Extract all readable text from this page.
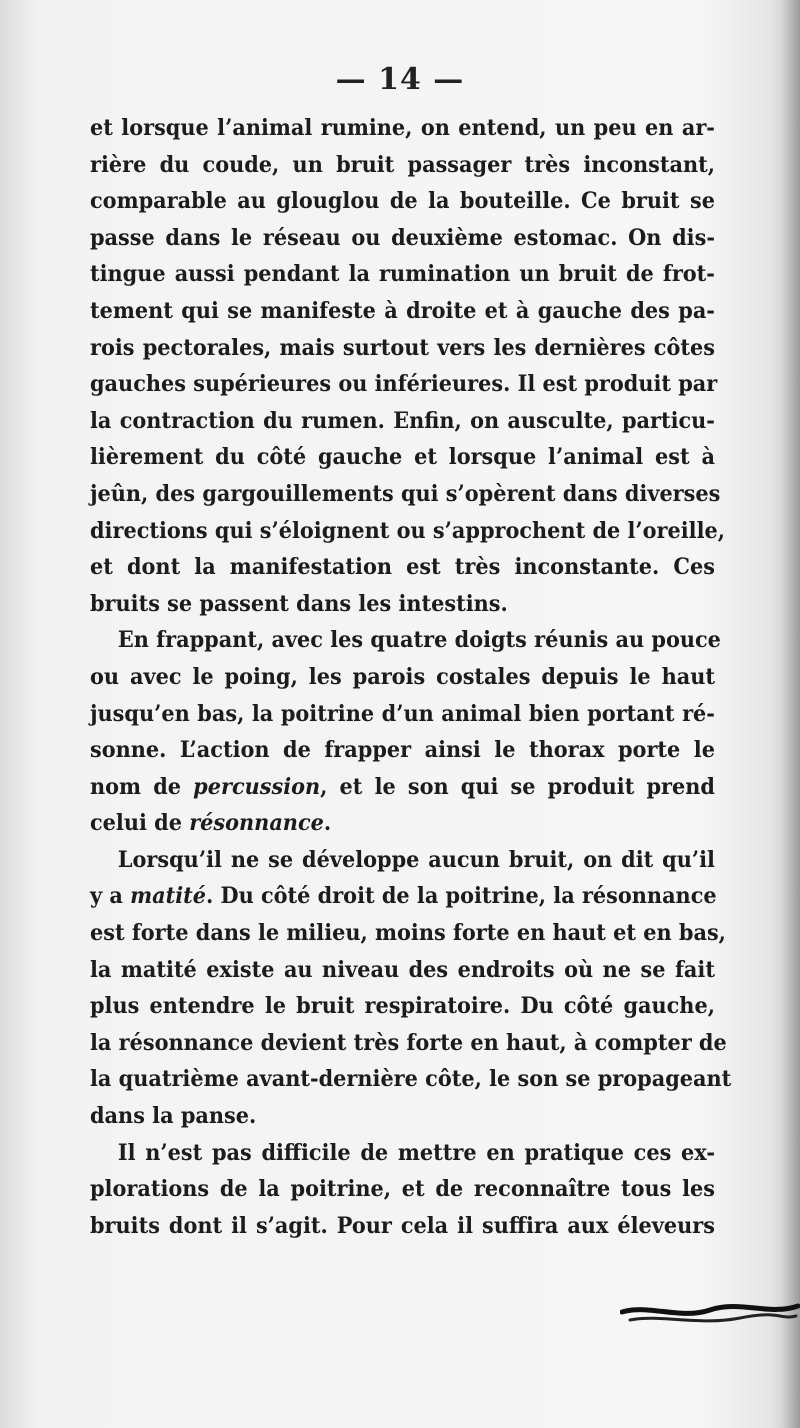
— 14 —
et lorsque l’animal rumine, on entend, un peu en ar-
rière du coude, un bruit passager très inconstant,
comparable au glouglou de la bouteille. Ce bruit se
passe dans le réseau ou deuxième estomac. On dis-
tingue aussi pendant la rumination un bruit de frot-
tement qui se manifeste à droite et à gauche des pa-
rois pectorales, mais surtout vers les dernières côtes
gauches supérieures ou inférieures. Il est produit par
la contraction du rumen. Enfin, on ausculte, particu-
lièrement du côté gauche et lorsque l’animal est à
jeûn, des gargouillements qui s’opèrent dans diverses
directions qui s’éloignent ou s’approchent de l’oreille,
et dont la manifestation est très inconstante. Ces
bruits se passent dans les intestins.
En frappant, avec les quatre doigts réunis au pouce
ou avec le poing, les parois costales depuis le haut
jusqu’en bas, la poitrine d’un animal bien portant ré-
sonne. L’action de frapper ainsi le thorax porte le
nom de percussion, et le son qui se produit prend
celui de résonnance.
Lorsqu’il ne se développe aucun bruit, on dit qu’il
y a matité. Du côté droit de la poitrine, la résonnance
est forte dans le milieu, moins forte en haut et en bas,
la matité existe au niveau des endroits où ne se fait
plus entendre le bruit respiratoire. Du côté gauche,
la résonnance devient très forte en haut, à compter de
la quatrième avant-dernière côte, le son se propageant
dans la panse.
Il n’est pas difficile de mettre en pratique ces ex-
plorations de la poitrine, et de reconnaître tous les
bruits dont il s’agit. Pour cela il suffira aux éleveurs
